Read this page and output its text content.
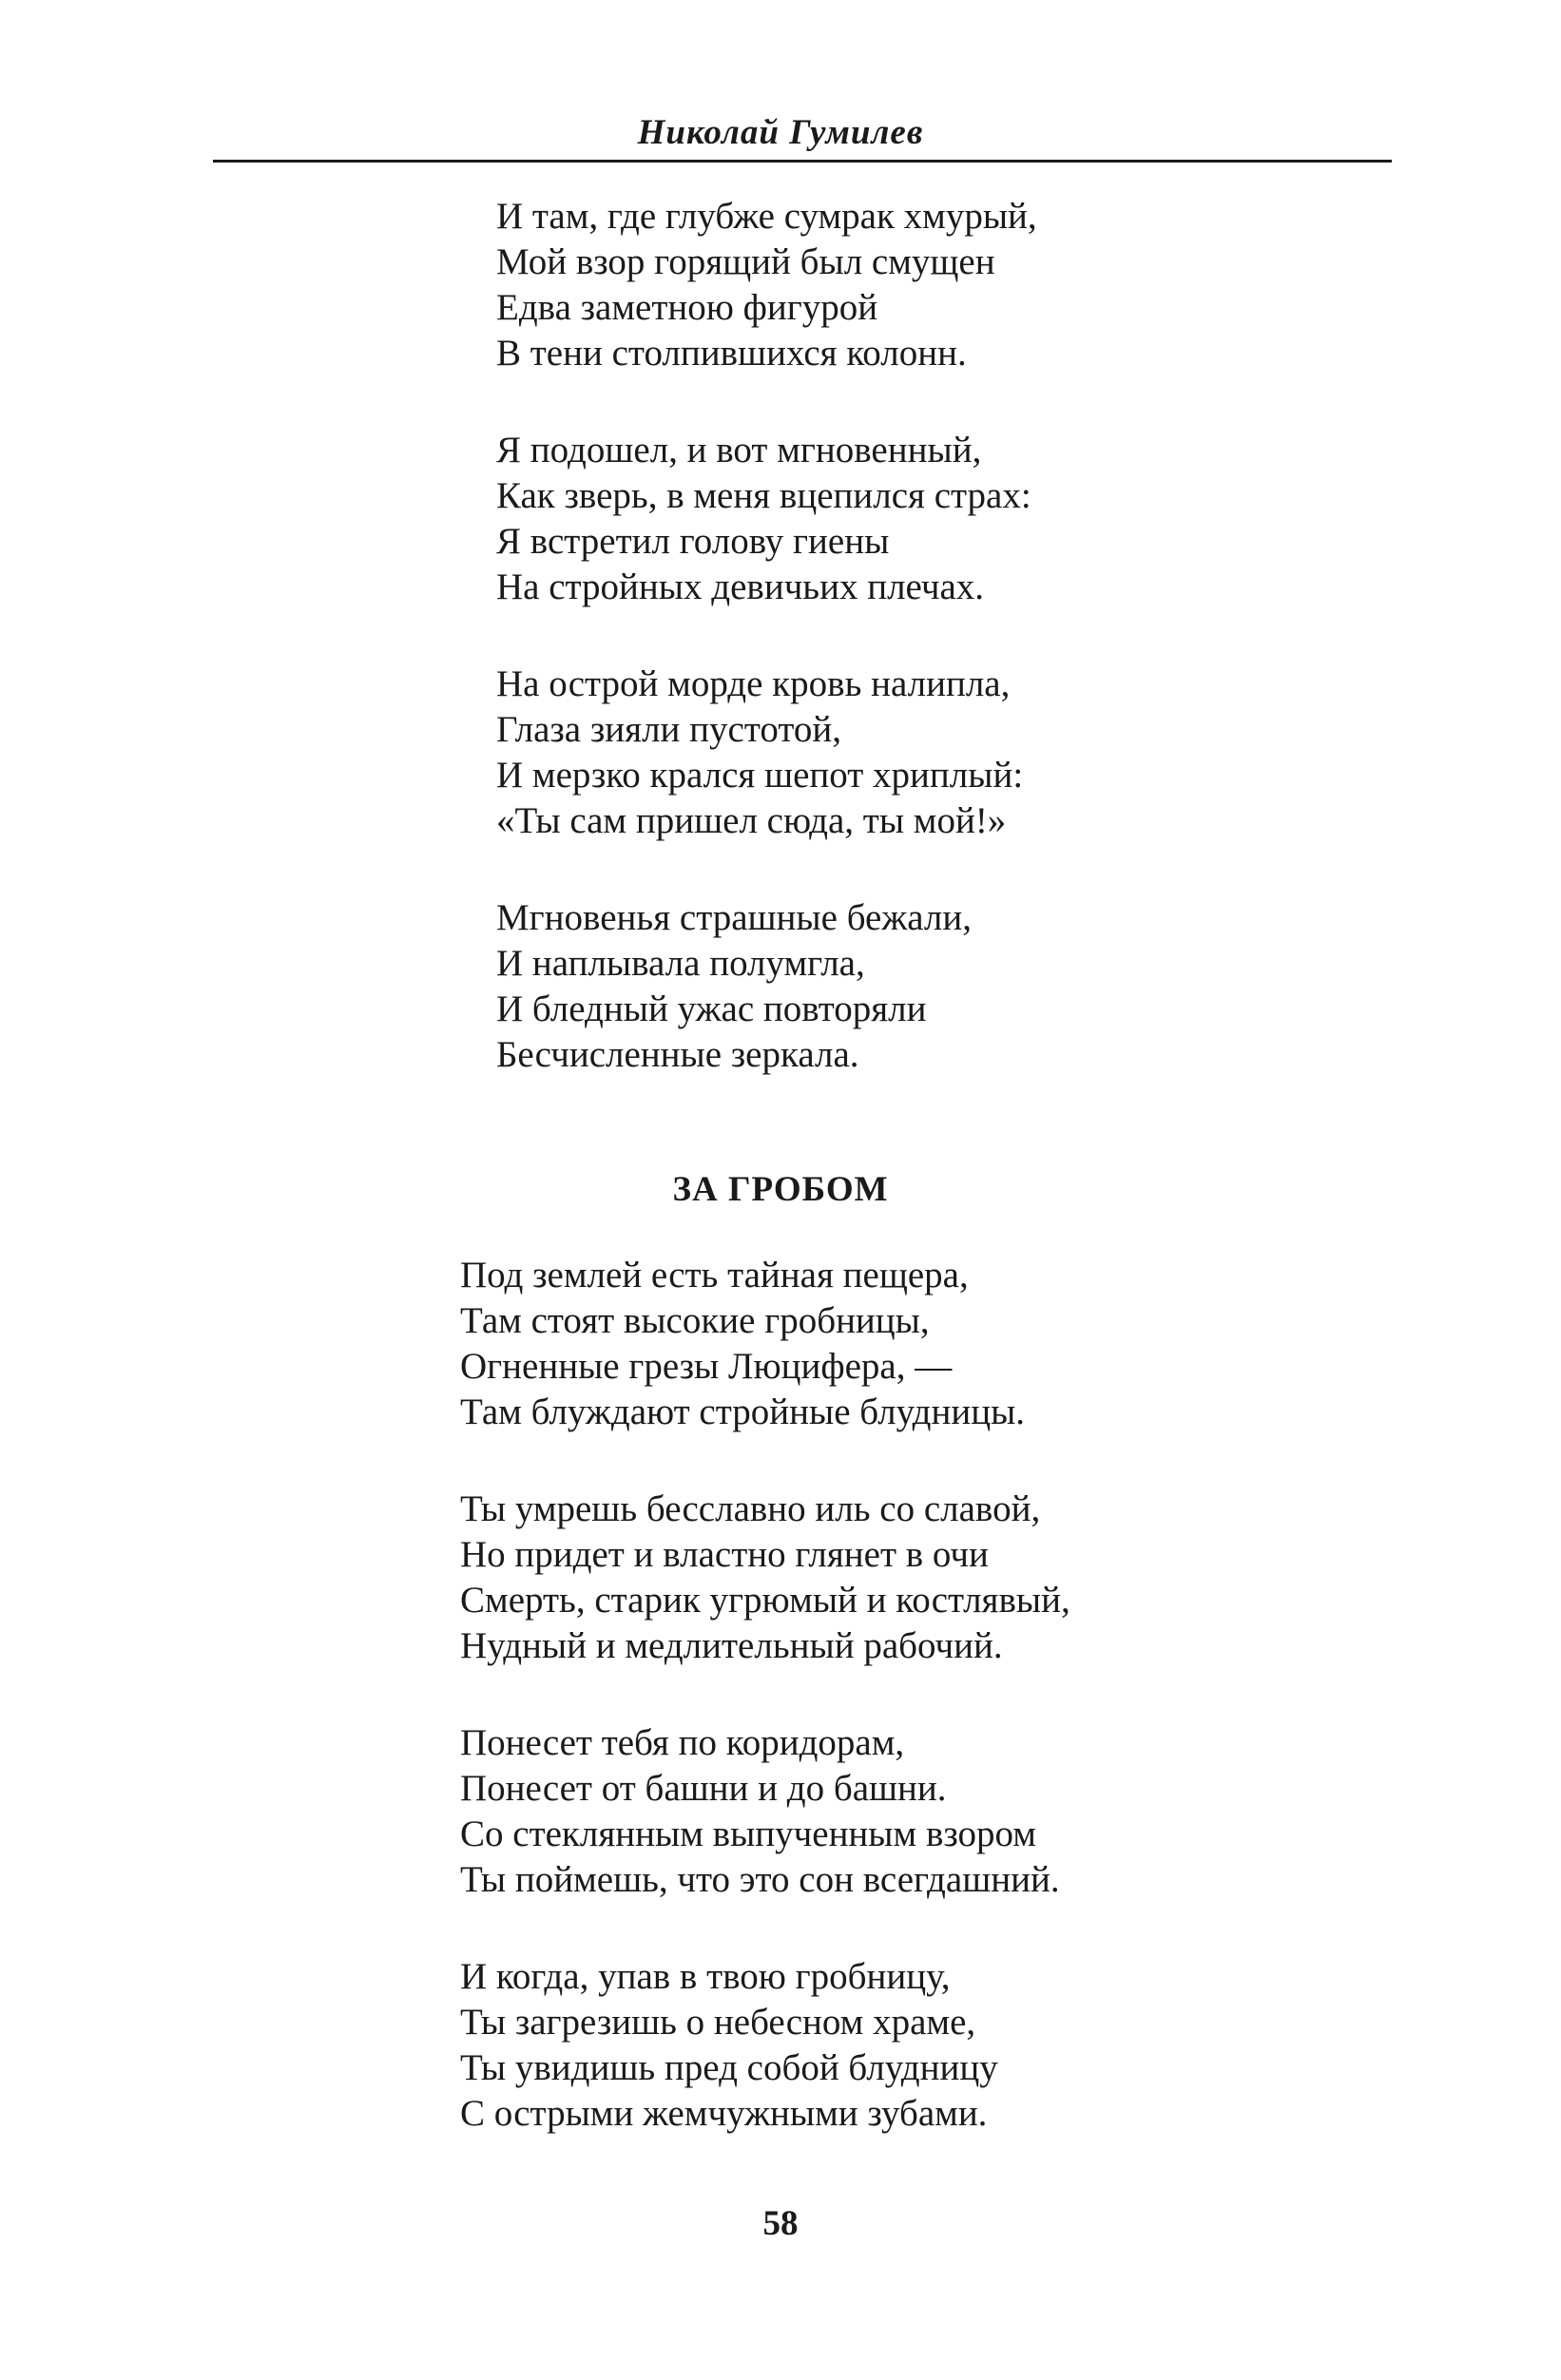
Николай Гумилев
И там, где глубже сумрак хмурый,
Мой взор горящий был смущен
Едва заметною фигурой
В тени столпившихся колонн.
Я подошел, и вот мгновенный,
Как зверь, в меня вцепился страх:
Я встретил голову гиены
На стройных девичьих плечах.
На острой морде кровь налипла,
Глаза зияли пустотой,
И мерзко крался шепот хриплый:
«Ты сам пришел сюда, ты мой!»
Мгновенья страшные бежали,
И наплывала полумгла,
И бледный ужас повторяли
Бесчисленные зеркала.
ЗА ГРОБОМ
Под землей есть тайная пещера,
Там стоят высокие гробницы,
Огненные грезы Люцифера, —
Там блуждают стройные блудницы.
Ты умрешь бесславно иль со славой,
Но придет и властно глянет в очи
Смерть, старик угрюмый и костлявый,
Нудный и медлительный рабочий.
Понесет тебя по коридорам,
Понесет от башни и до башни.
Со стеклянным выпученным взором
Ты поймешь, что это сон всегдашний.
И когда, упав в твою гробницу,
Ты загрезишь о небесном храме,
Ты увидишь пред собой блудницу
С острыми жемчужными зубами.
58
